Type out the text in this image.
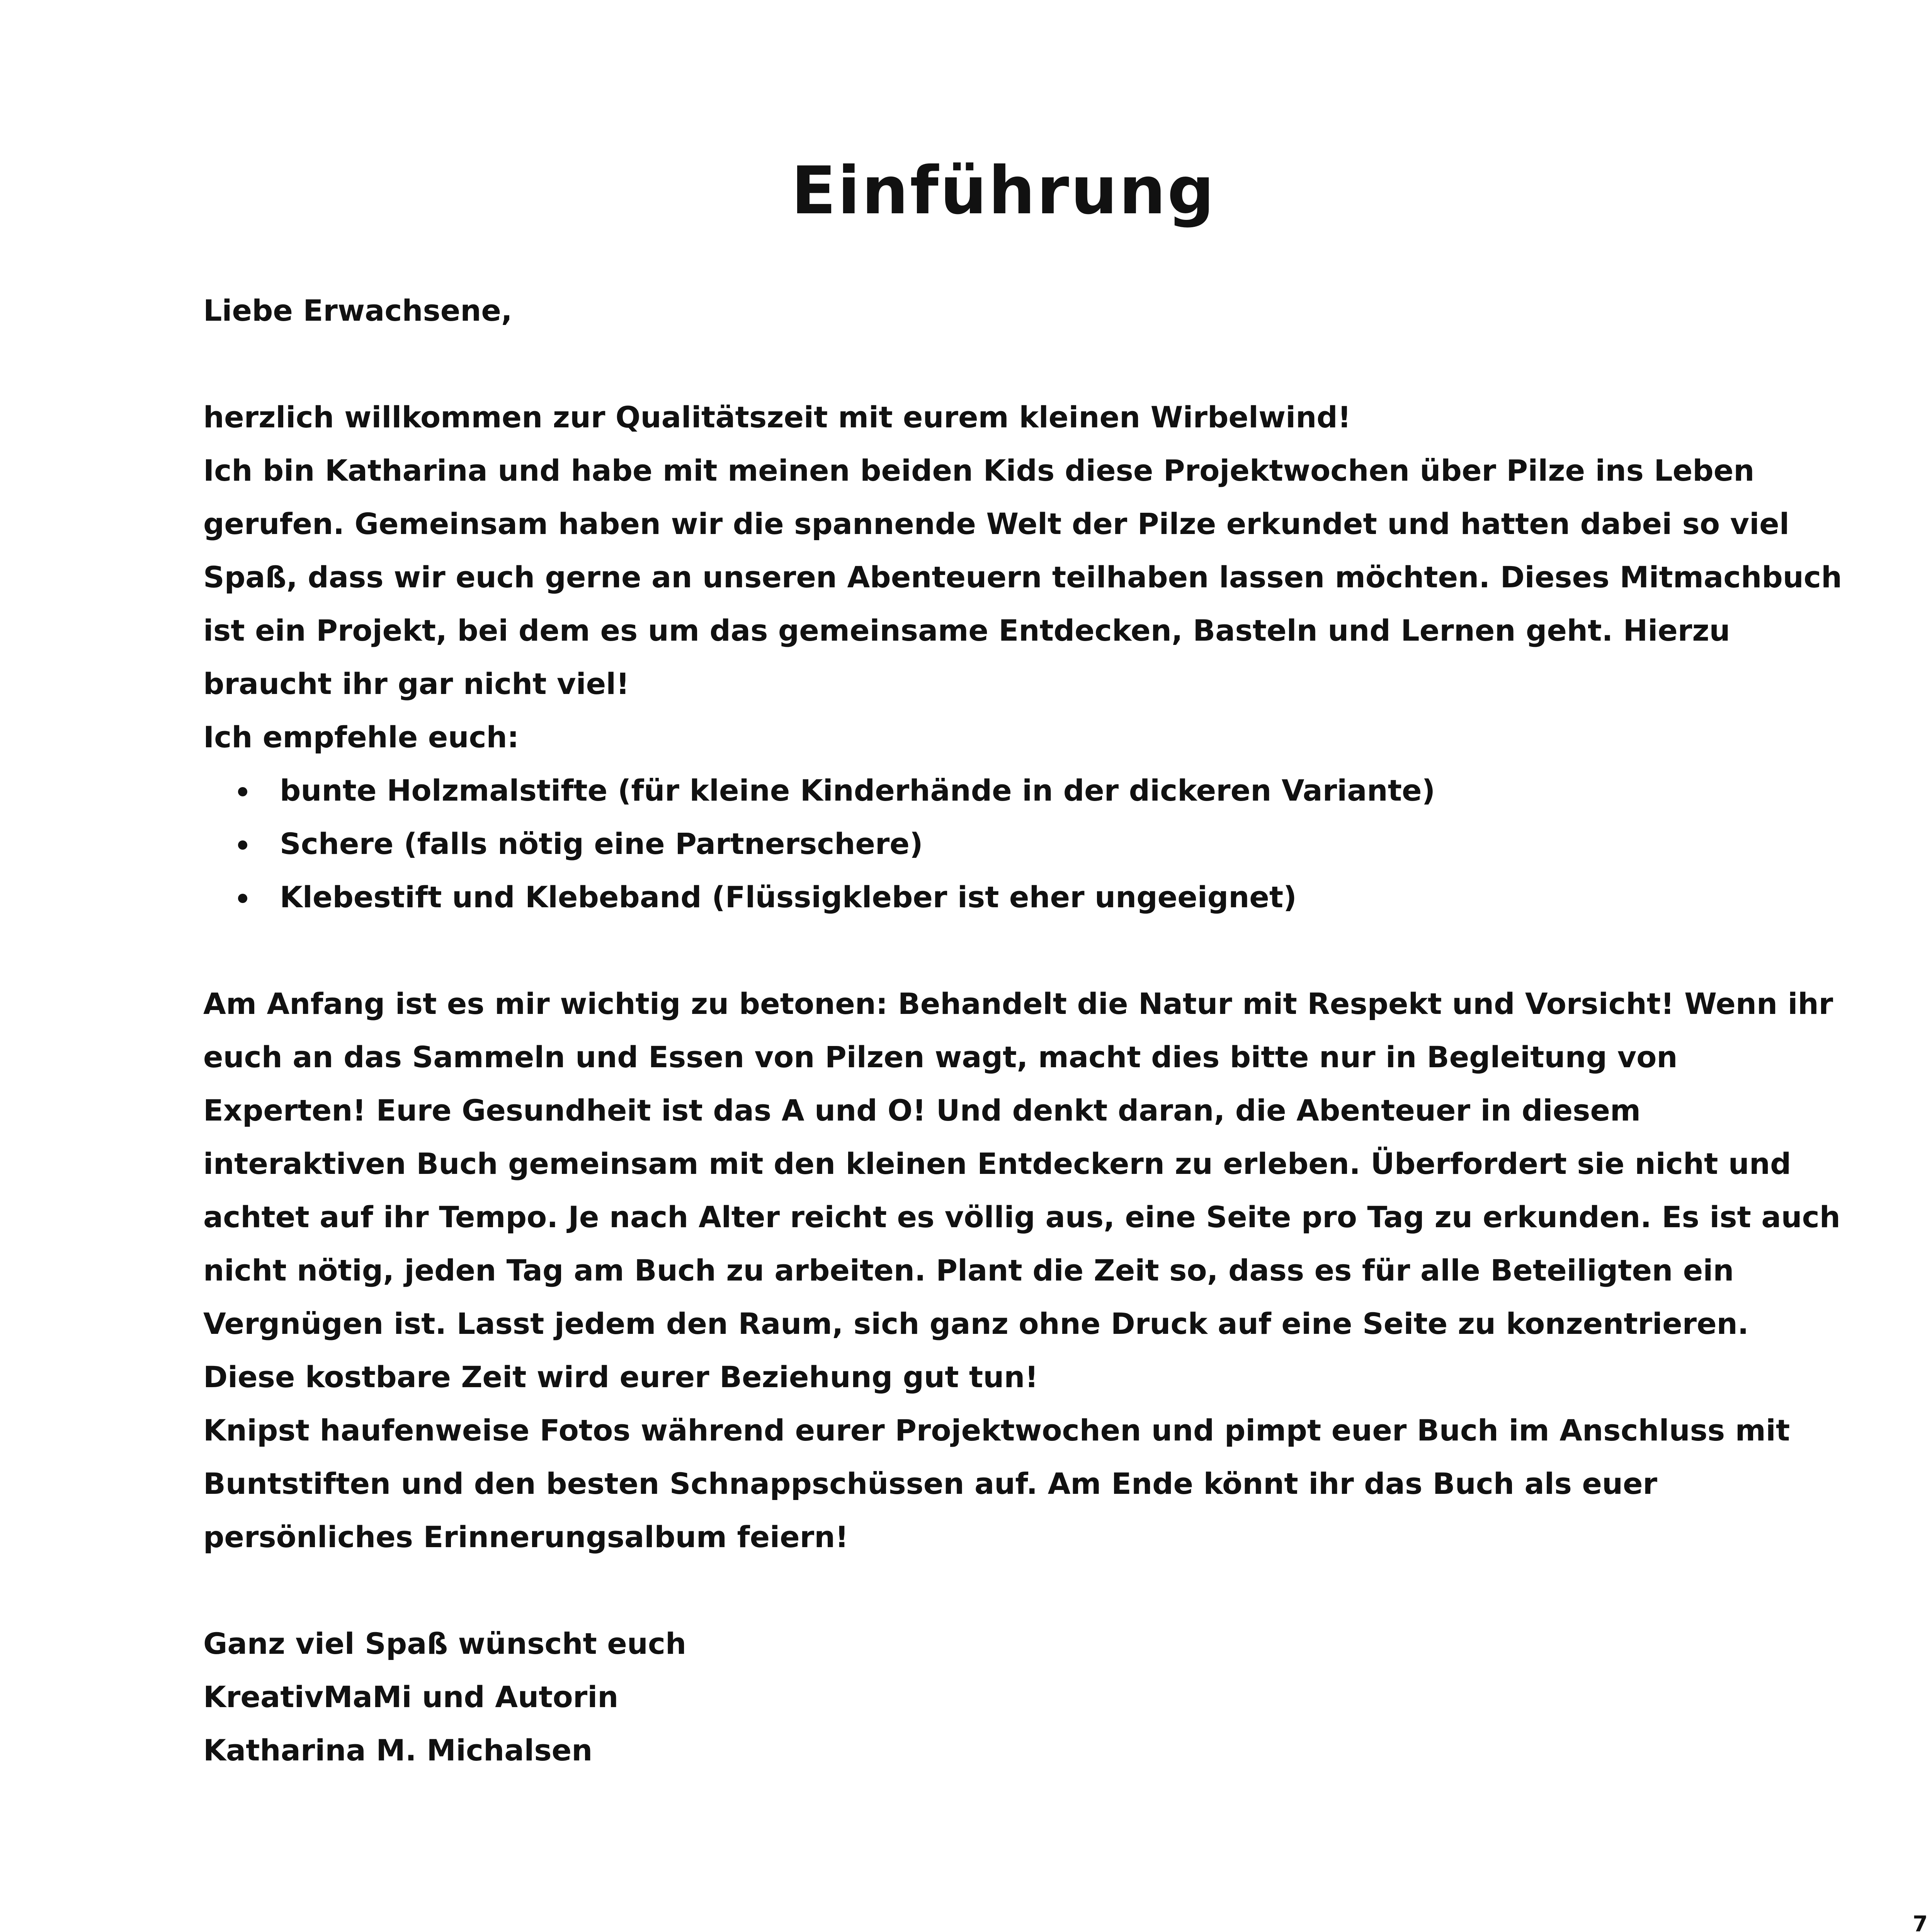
Einführung

Liebe Erwachsene,

herzlich willkommen zur Qualitätszeit mit eurem kleinen Wirbelwind!

Ich bin Katharina und habe mit meinen beiden Kids diese Projektwochen über Pilze ins Leben gerufen. Gemeinsam haben wir die spannende Welt der Pilze erkundet und hatten dabei so viel Spaß, dass wir euch gerne an unseren Abenteuern teilhaben lassen möchten. Dieses Mitmachbuch ist ein Projekt, bei dem es um das gemeinsame Entdecken, Basteln und Lernen geht. Hierzu braucht ihr gar nicht viel!

Ich empfehle euch:

bunte Holzmalstifte (für kleine Kinderhände in der dickeren Variante)
Schere (falls nötig eine Partnerschere)
Klebestift und Klebeband (Flüssigkleber ist eher ungeeignet)

Am Anfang ist es mir wichtig zu betonen: Behandelt die Natur mit Respekt und Vorsicht! Wenn ihr euch an das Sammeln und Essen von Pilzen wagt, macht dies bitte nur in Begleitung von Experten! Eure Gesundheit ist das A und O! Und denkt daran, die Abenteuer in diesem interaktiven Buch gemeinsam mit den kleinen Entdeckern zu erleben. Überfordert sie nicht und achtet auf ihr Tempo. Je nach Alter reicht es völlig aus, eine Seite pro Tag zu erkunden. Es ist auch nicht nötig, jeden Tag am Buch zu arbeiten. Plant die Zeit so, dass es für alle Beteiligten ein Vergnügen ist. Lasst jedem den Raum, sich ganz ohne Druck auf eine Seite zu konzentrieren. Diese kostbare Zeit wird eurer Beziehung gut tun!

Knipst haufenweise Fotos während eurer Projektwochen und pimpt euer Buch im Anschluss mit Buntstiften und den besten Schnappschüssen auf. Am Ende könnt ihr das Buch als euer persönliches Erinnerungsalbum feiern!

Ganz viel Spaß wünscht euch

KreativMaMi und Autorin

Katharina M. Michalsen

7
